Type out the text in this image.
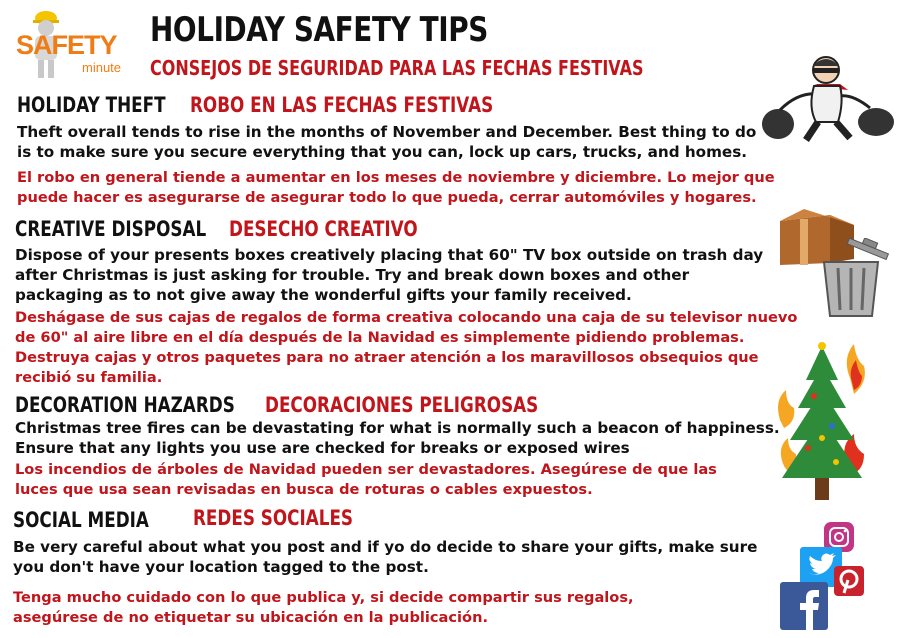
SAFETY
minute
HOLIDAY SAFETY TIPS
CONSEJOS DE SEGURIDAD PARA LAS FECHAS FESTIVAS
HOLIDAY THEFT ROBO EN LAS FECHAS FESTIVAS
Theft overall tends to rise in the months of November and December. Best thing to do
is to make sure you secure everything that you can, lock up cars, trucks, and homes.
El robo en general tiende a aumentar en los meses de noviembre y diciembre. Lo mejor que
puede hacer es asegurarse de asegurar todo lo que pueda, cerrar automóviles y hogares.
CREATIVE DISPOSAL DESECHO CREATIVO
Dispose of your presents boxes creatively placing that 60" TV box outside on trash day
after Christmas is just asking for trouble. Try and break down boxes and other
packaging as to not give away the wonderful gifts your family received.
Deshágase de sus cajas de regalos de forma creativa colocando una caja de su televisor nuevo
de 60" al aire libre en el día después de la Navidad es simplemente pidiendo problemas.
Destruya cajas y otros paquetes para no atraer atención a los maravillosos obsequios que
recibió su familia.
DECORATION HAZARDS DECORACIONES PELIGROSAS
Christmas tree fires can be devastating for what is normally such a beacon of happiness.
Ensure that any lights you use are checked for breaks or exposed wires
Los incendios de árboles de Navidad pueden ser devastadores. Asegúrese de que las
luces que usa sean revisadas en busca de roturas o cables expuestos.
SOCIAL MEDIA REDES SOCIALES
Be very careful about what you post and if yo do decide to share your gifts, make sure
you don't have your location tagged to the post.
Tenga mucho cuidado con lo que publica y, si decide compartir sus regalos,
asegúrese de no etiquetar su ubicación en la publicación.
